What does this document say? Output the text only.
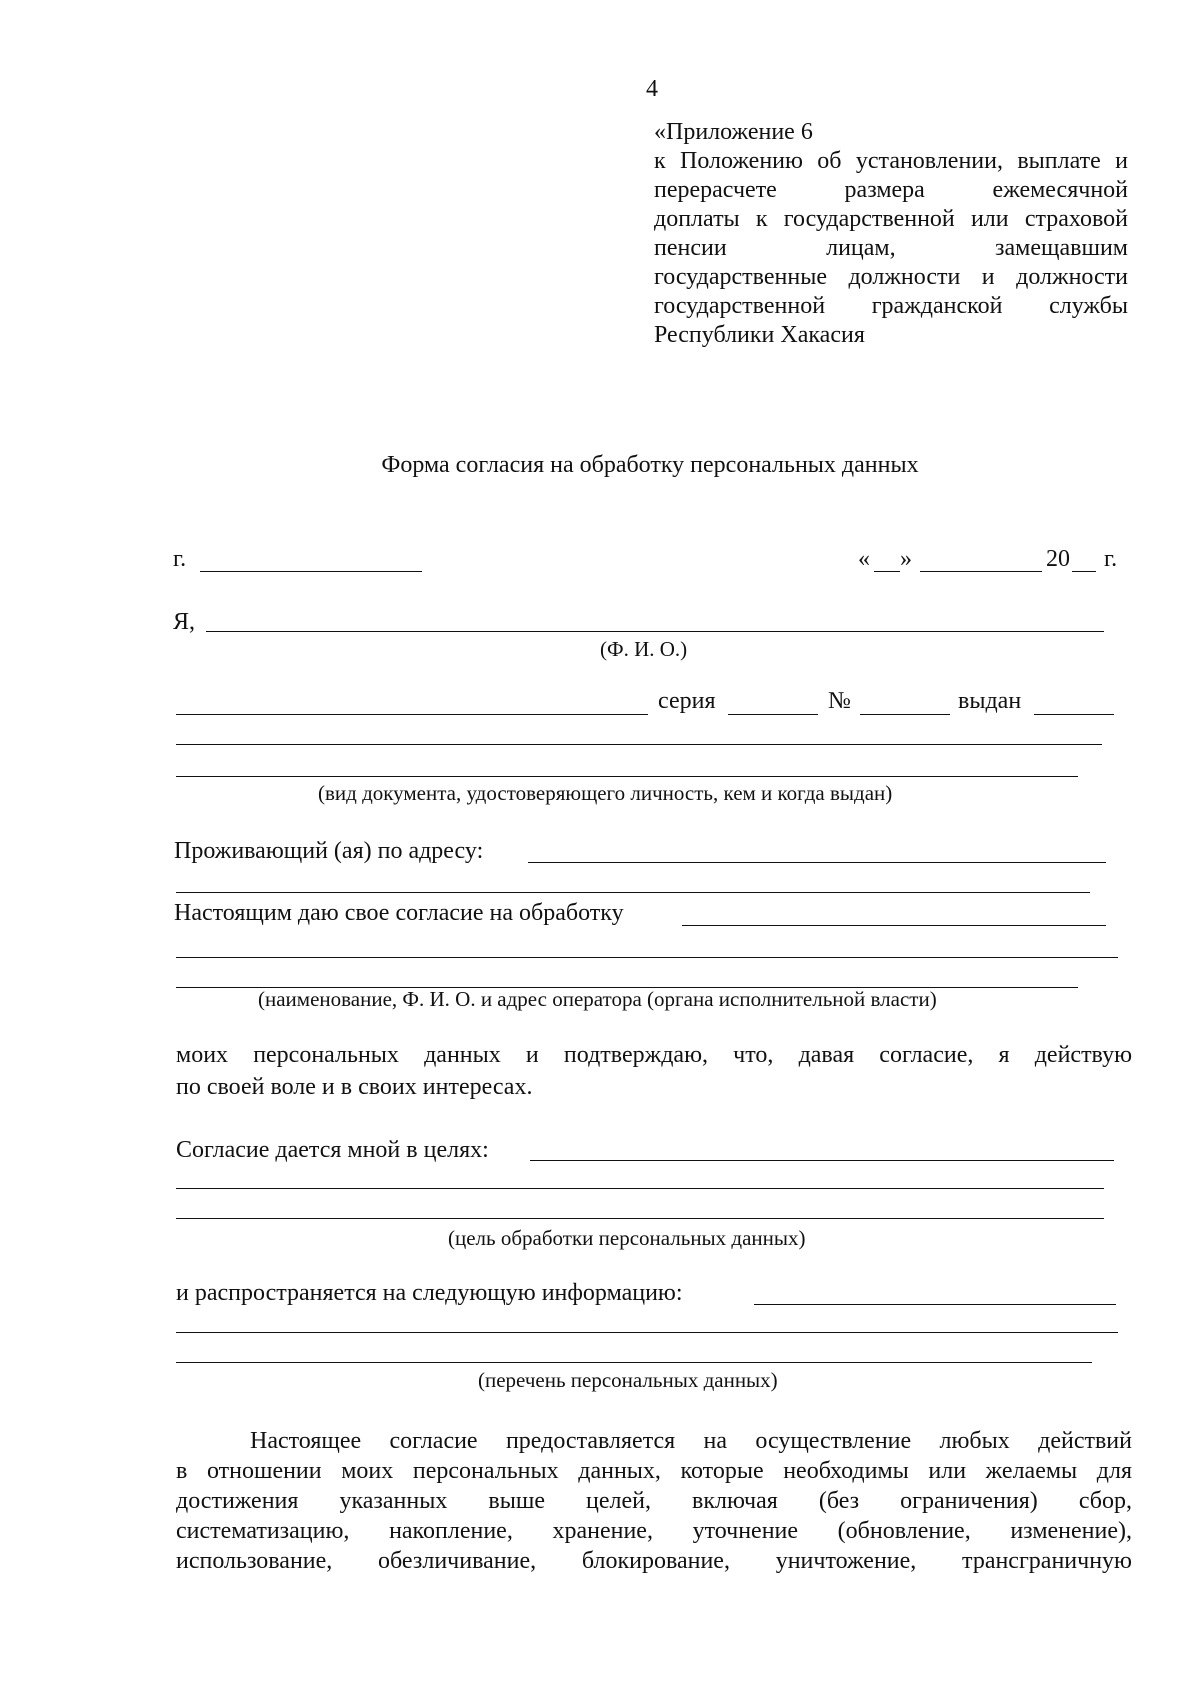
4
«Приложение 6
к Положению об установлении, выплате и
перерасчете размера ежемесячной
доплаты к государственной или страховой
пенсии лицам, замещавшим
государственные должности и должности
государственной гражданской службы
Республики Хакасия
Форма согласия на обработку персональных данных
г.	« »	20 г.
Я,
(Ф. И. О.)
серия	№	выдан
(вид документа, удостоверяющего личность, кем и когда выдан)
Проживающий (ая) по адресу:
Настоящим даю свое согласие на обработку
(наименование, Ф. И. О. и адрес оператора (органа исполнительной власти)
моих персональных данных и подтверждаю, что, давая согласие, я действую
по своей воле и в своих интересах.
Согласие дается мной в целях:
(цель обработки персональных данных)
и распространяется на следующую информацию:
(перечень персональных данных)
Настоящее согласие предоставляется на осуществление любых действий
в отношении моих персональных данных, которые необходимы или желаемы для
достижения указанных выше целей, включая (без ограничения) сбор,
систематизацию, накопление, хранение, уточнение (обновление, изменение),
использование, обезличивание, блокирование, уничтожение, трансграничную
